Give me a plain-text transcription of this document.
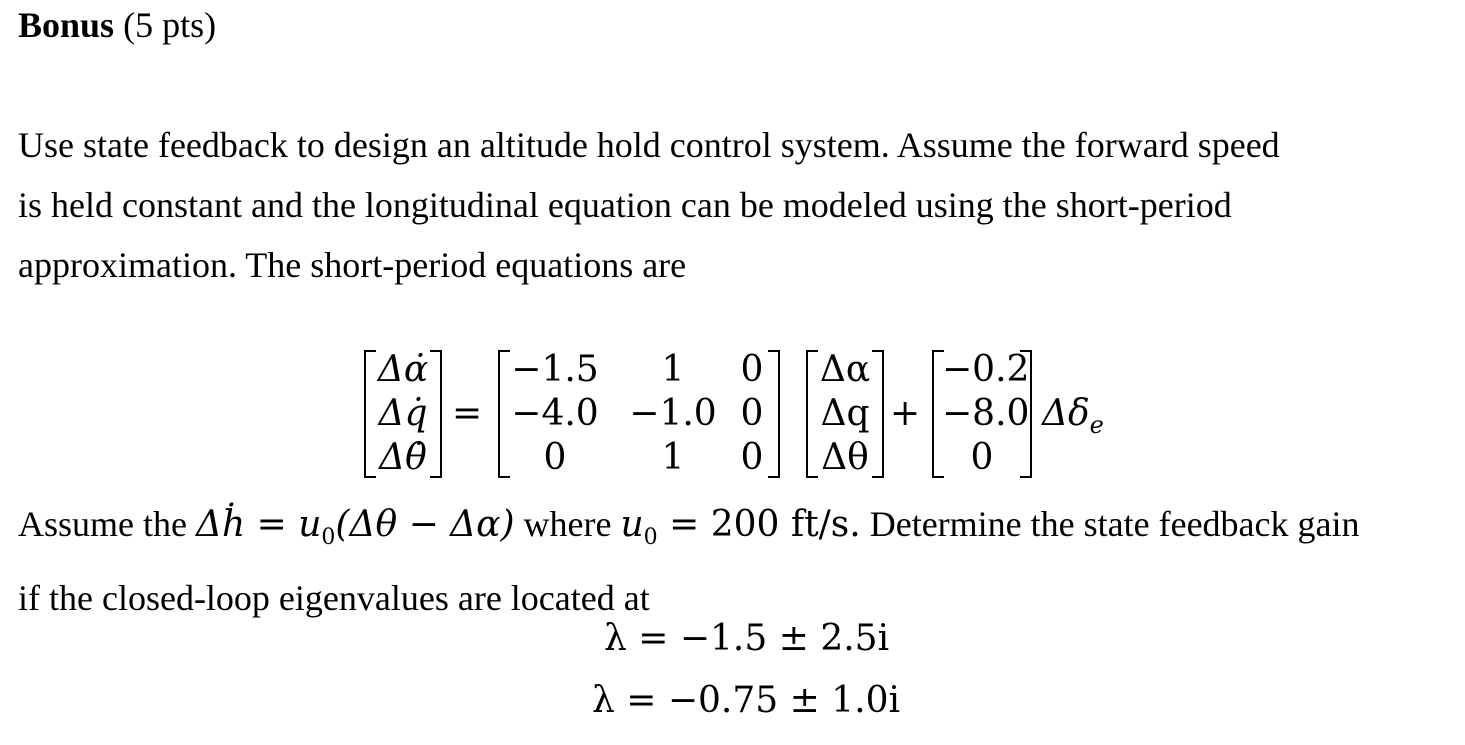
Bonus (5 pts)
Use state feedback to design an altitude hold control system. Assume the forward speed
is held constant and the longitudinal equation can be modeled using the short-period
approximation. The short-period equations are
Δα̇
Δq̇
Δθ̇
=
−1.5	1	0
−4.0 −1.0 0
0	1	0
Δα
Δq
Δθ
+
−0.2
−8.0
0
$\Delta\delta_e$
Assume the Δḣ = $u_0(\Delta\theta - \Delta\alpha)$ where $u_0 = 200$ ft/s. Determine the state feedback gain
if the closed-loop eigenvalues are located at
λ = −1.5 ± 2.5i
λ = −0.75 ± 1.0i
